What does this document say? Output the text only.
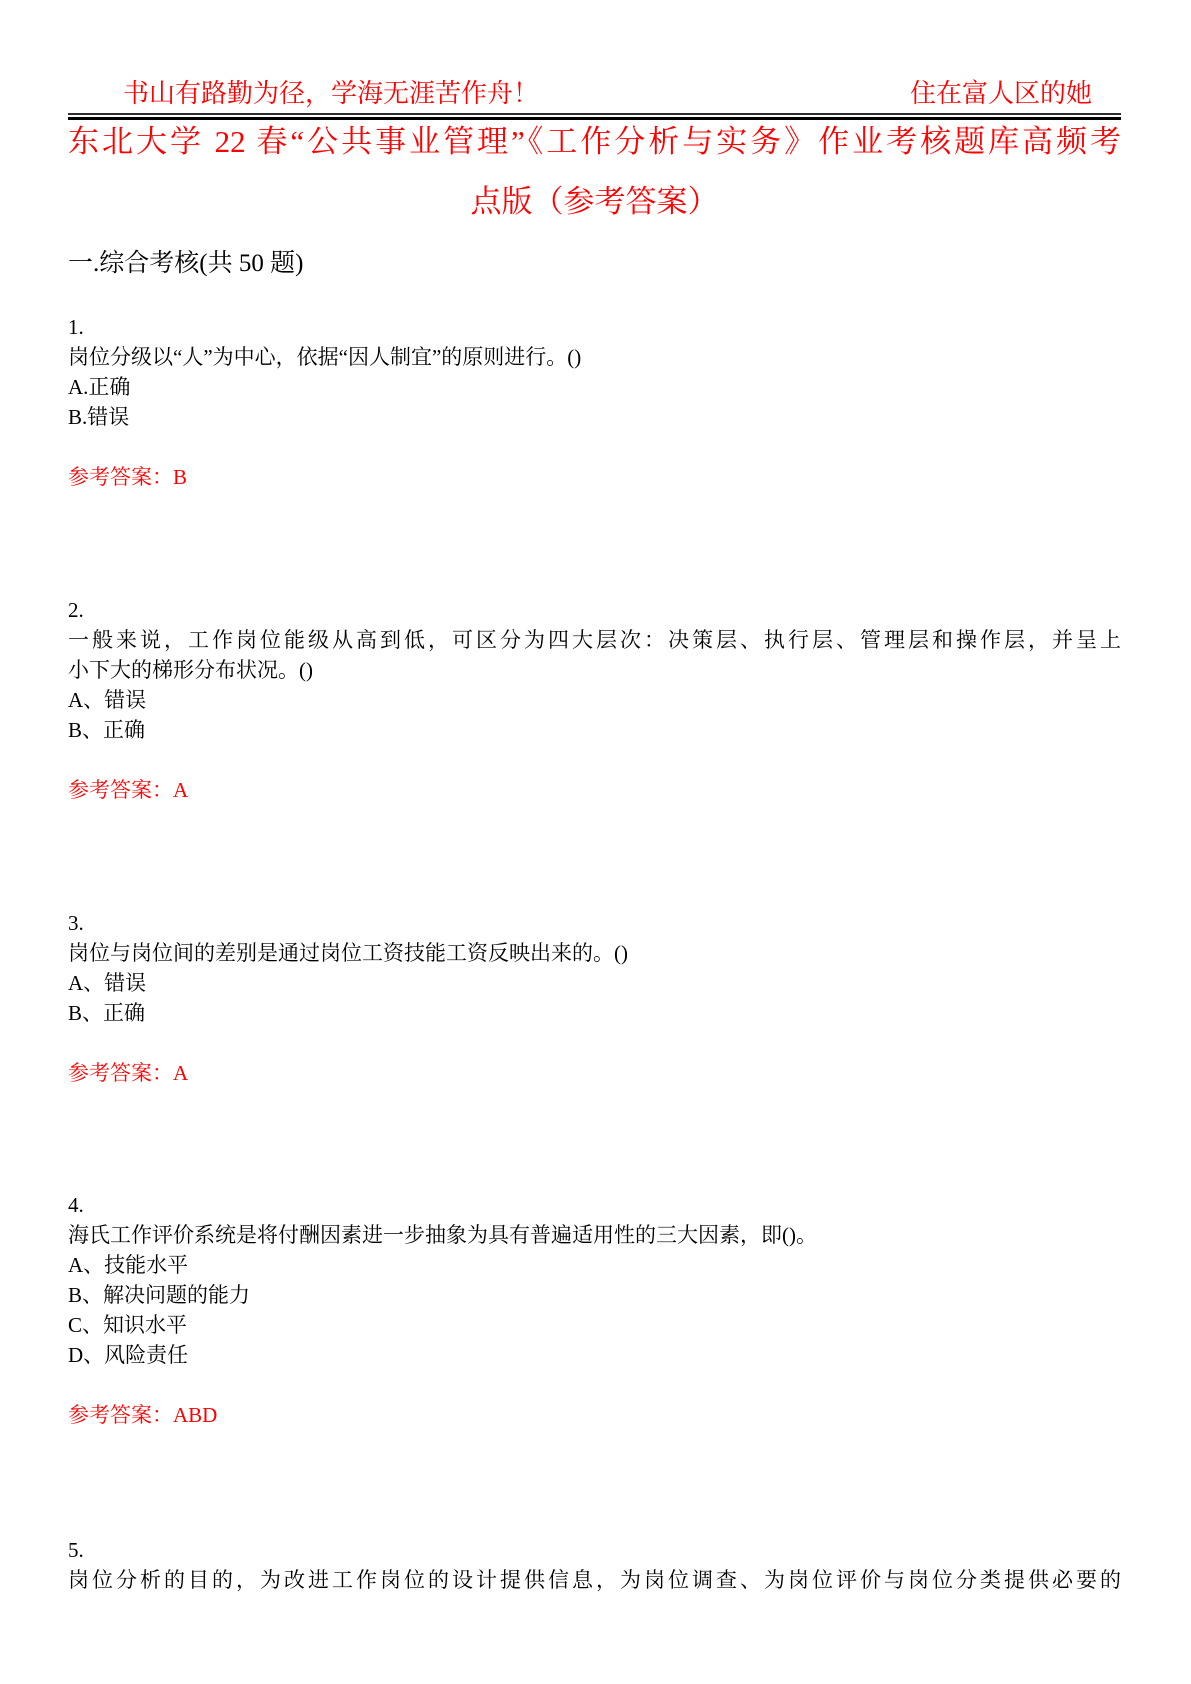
书山有路勤为径，学海无涯苦作舟！	住在富人区的她
东北大学 22 春“公共事业管理”《工作分析与实务》作业考核题库高频考
点版（参考答案）
一.综合考核(共 50 题)
1.
岗位分级以“人”为中心，依据“因人制宜”的原则进行。()
A.正确
B.错误
参考答案：B
2.
一般来说，工作岗位能级从高到低，可区分为四大层次：决策层、执行层、管理层和操作层，并呈上
小下大的梯形分布状况。()
A、错误
B、正确
参考答案：A
3.
岗位与岗位间的差别是通过岗位工资技能工资反映出来的。()
A、错误
B、正确
参考答案：A
4.
海氏工作评价系统是将付酬因素进一步抽象为具有普遍适用性的三大因素，即()。
A、技能水平
B、解决问题的能力
C、知识水平
D、风险责任
参考答案：ABD
5.
岗位分析的目的，为改进工作岗位的设计提供信息，为岗位调查、为岗位评价与岗位分类提供必要的
